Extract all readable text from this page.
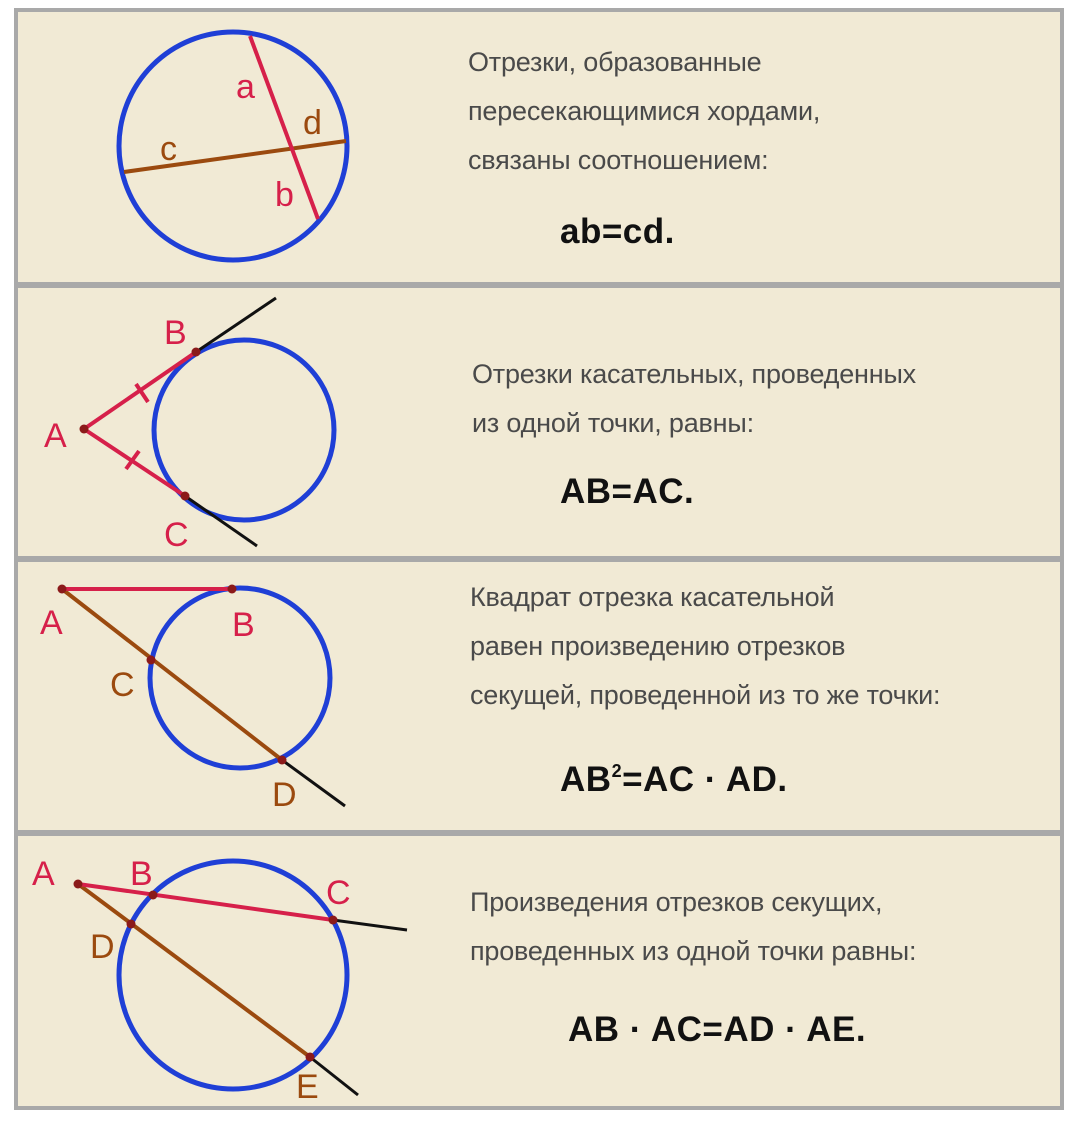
Отрезки, образованные
пересекающимися хордами,
связаны соотношением:
ab=cd.
Отрезки касательных, проведенных
из одной точки, равны:
AB=AC.
Квадрат отрезка касательной
равен произведению отрезков
секущей, проведенной из то же точки:
$AB^2=AC$ · AD.
Произведения отрезков секущих,
проведенных из одной точки равны:
AB · AC=AD · AE.
a
b
c
d
A
B
C
A	B
C
D
A B	C
D
E
